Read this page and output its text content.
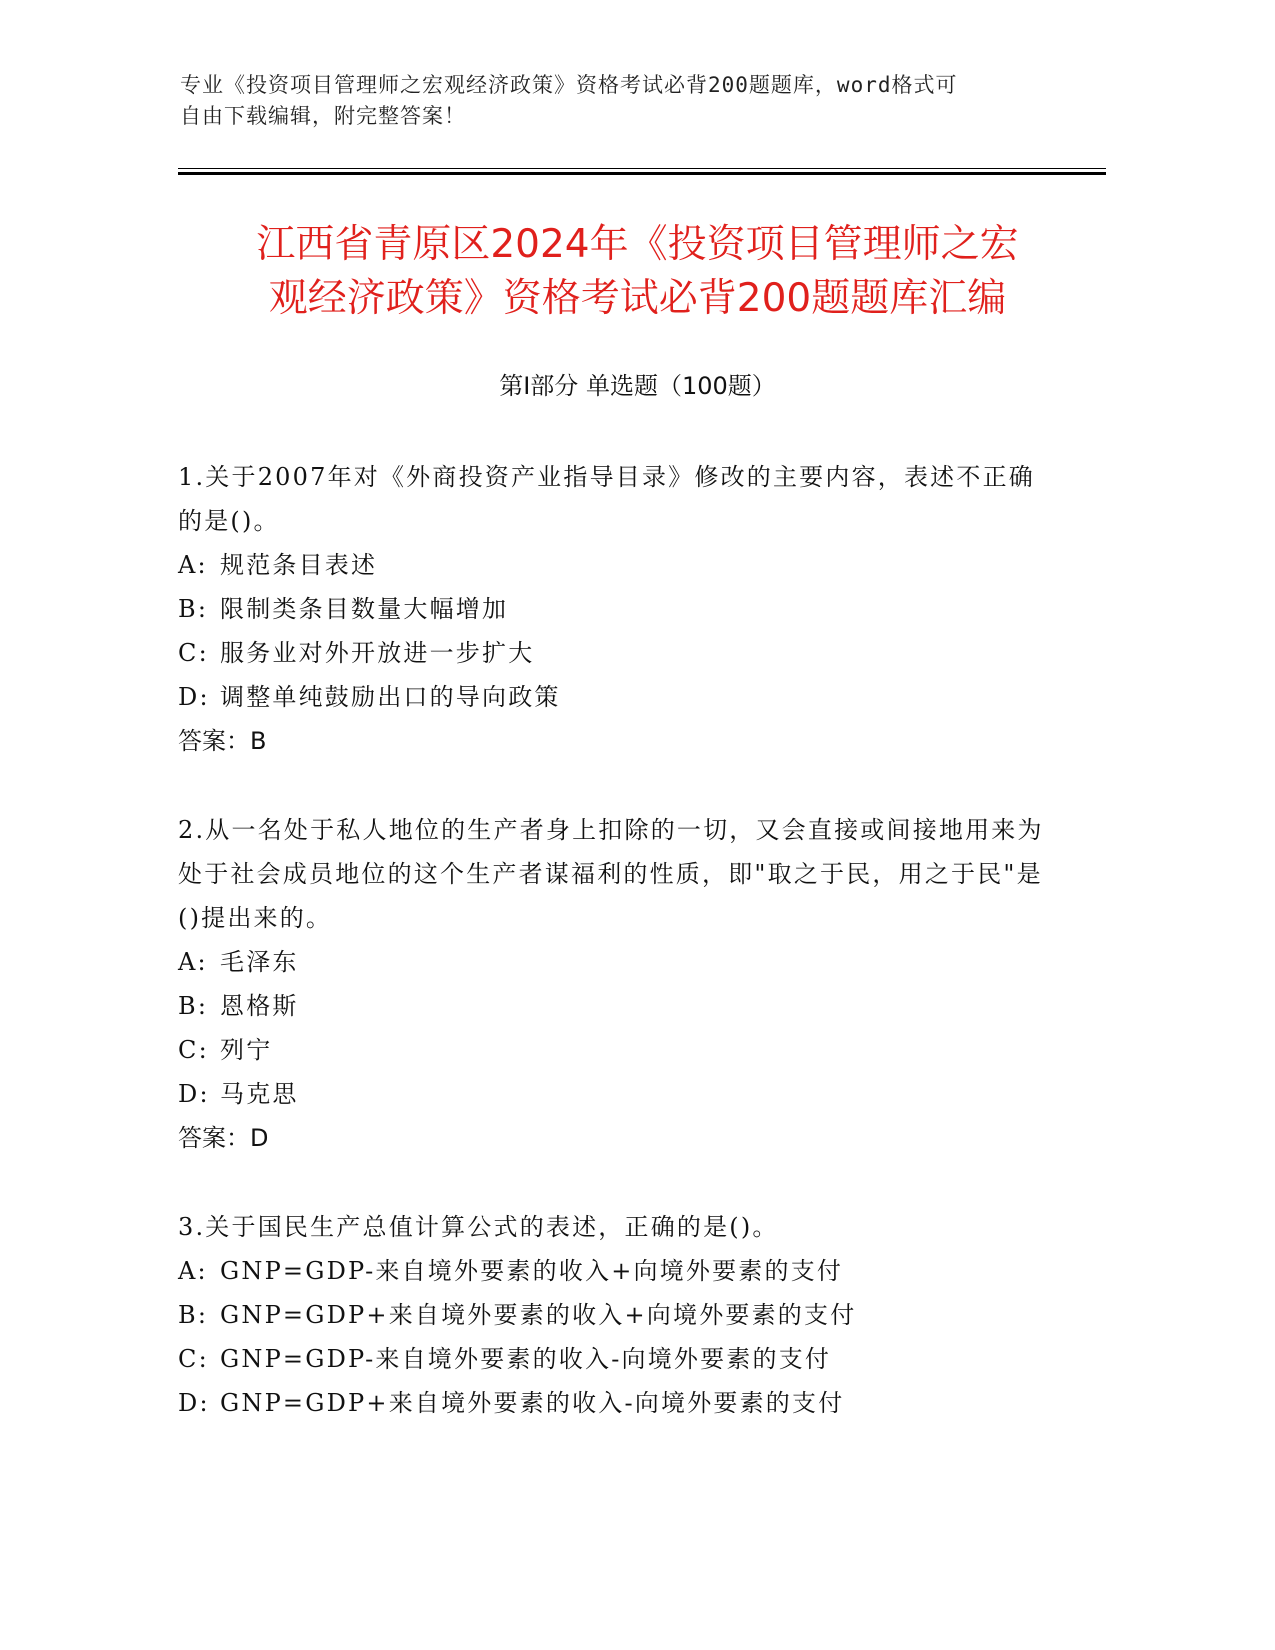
专业《投资项目管理师之宏观经济政策》资格考试必背200题题库，word格式可
自由下载编辑，附完整答案！
江西省青原区2024年《投资项目管理师之宏
观经济政策》资格考试必背200题题库汇编
第Ⅰ部分 单选题（100题）

1.关于2007年对《外商投资产业指导目录》修改的主要内容，表述不正确的是()。

A: 规范条目表述

B: 限制类条目数量大幅增加

C: 服务业对外开放进一步扩大

D: 调整单纯鼓励出口的导向政策

答案：B

2.从一名处于私人地位的生产者身上扣除的一切，又会直接或间接地用来为处于社会成员地位的这个生产者谋福利的性质，即"取之于民，用之于民"是()提出来的。

A: 毛泽东

B: 恩格斯

C: 列宁

D: 马克思

答案：D

3.关于国民生产总值计算公式的表述，正确的是()。

A: GNP=GDP-来自境外要素的收入+向境外要素的支付

B: GNP=GDP+来自境外要素的收入+向境外要素的支付

C: GNP=GDP-来自境外要素的收入-向境外要素的支付

D: GNP=GDP+来自境外要素的收入-向境外要素的支付
